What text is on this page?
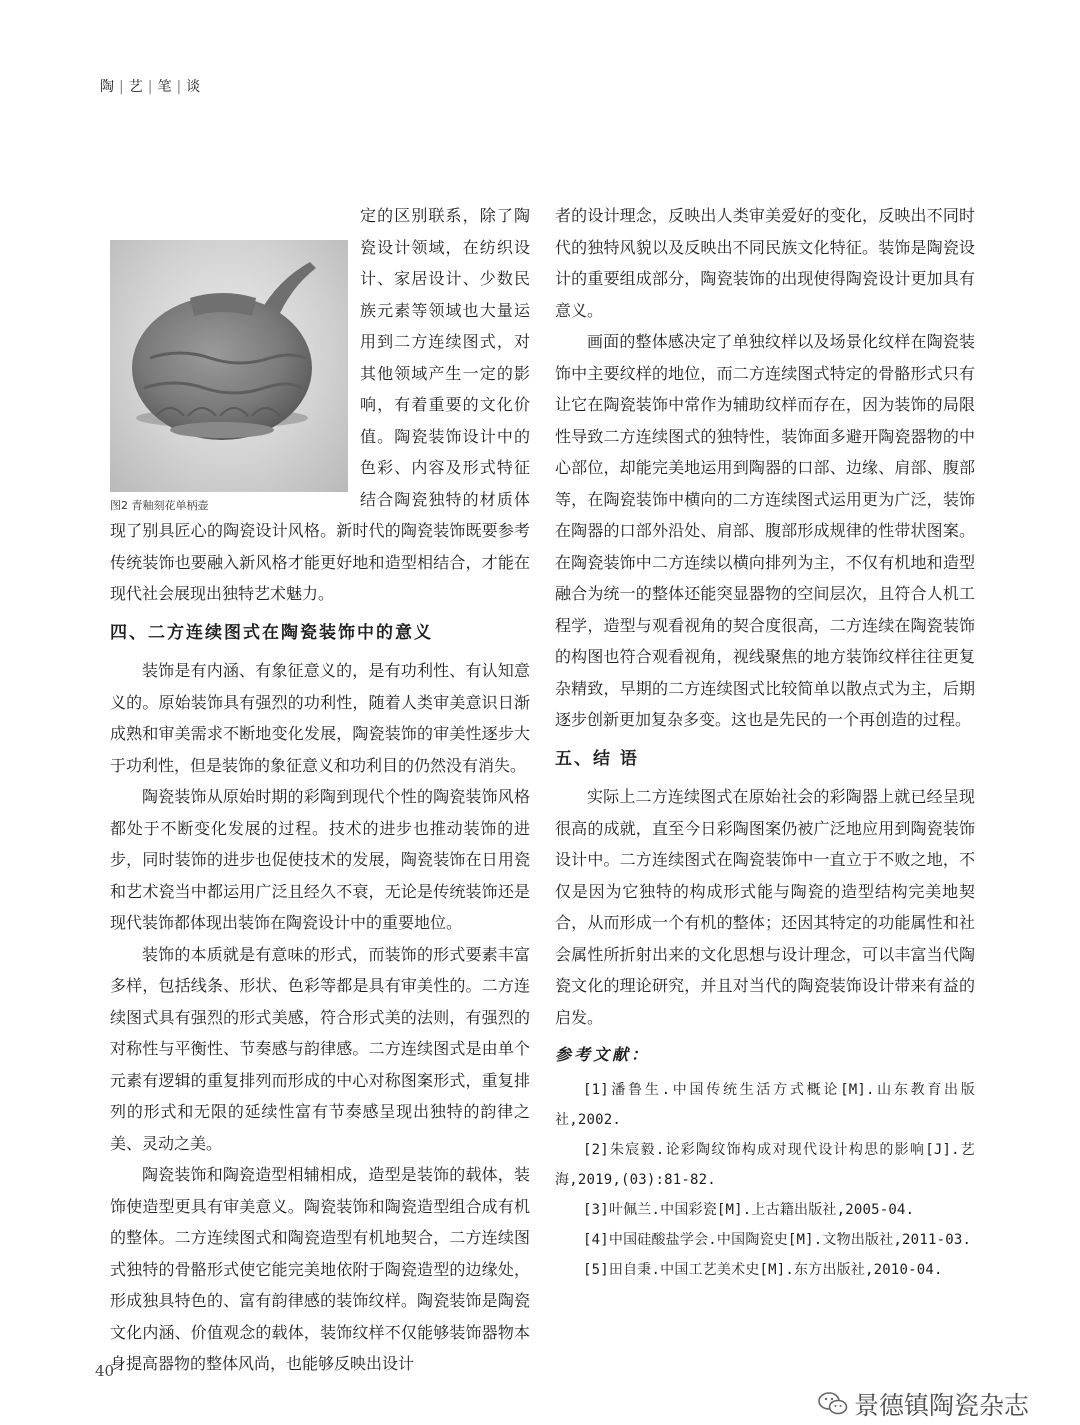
陶 | 艺 | 笔 | 谈
图2 青釉刻花单柄壶

定的区别联系，除了陶瓷设计领域，在纺织设计、家居设计、少数民族元素等领域也大量运用到二方连续图式，对其他领域产生一定的影响，有着重要的文化价值。陶瓷装饰设计中的色彩、内容及形式特征结合陶瓷独特的材质体现了别具匠心的陶瓷设计风格。新时代的陶瓷装饰既要参考传统装饰也要融入新风格才能更好地和造型相结合，才能在现代社会展现出独特艺术魅力。

四、二方连续图式在陶瓷装饰中的意义

装饰是有内涵、有象征意义的，是有功利性、有认知意义的。原始装饰具有强烈的功利性，随着人类审美意识日渐成熟和审美需求不断地变化发展，陶瓷装饰的审美性逐步大于功利性，但是装饰的象征意义和功利目的仍然没有消失。

陶瓷装饰从原始时期的彩陶到现代个性的陶瓷装饰风格都处于不断变化发展的过程。技术的进步也推动装饰的进步，同时装饰的进步也促使技术的发展，陶瓷装饰在日用瓷和艺术瓷当中都运用广泛且经久不衰，无论是传统装饰还是现代装饰都体现出装饰在陶瓷设计中的重要地位。

装饰的本质就是有意味的形式，而装饰的形式要素丰富多样，包括线条、形状、色彩等都是具有审美性的。二方连续图式具有强烈的形式美感，符合形式美的法则，有强烈的对称性与平衡性、节奏感与韵律感。二方连续图式是由单个元素有逻辑的重复排列而形成的中心对称图案形式，重复排列的形式和无限的延续性富有节奏感呈现出独特的韵律之美、灵动之美。

陶瓷装饰和陶瓷造型相辅相成，造型是装饰的载体，装饰使造型更具有审美意义。陶瓷装饰和陶瓷造型组合成有机的整体。二方连续图式和陶瓷造型有机地契合，二方连续图式独特的骨骼形式使它能完美地依附于陶瓷造型的边缘处，形成独具特色的、富有韵律感的装饰纹样。陶瓷装饰是陶瓷文化内涵、价值观念的载体，装饰纹样不仅能够装饰器物本身提高器物的整体风尚，也能够反映出设计

者的设计理念，反映出人类审美爱好的变化，反映出不同时代的独特风貌以及反映出不同民族文化特征。装饰是陶瓷设计的重要组成部分，陶瓷装饰的出现使得陶瓷设计更加具有意义。

画面的整体感决定了单独纹样以及场景化纹样在陶瓷装饰中主要纹样的地位，而二方连续图式特定的骨骼形式只有让它在陶瓷装饰中常作为辅助纹样而存在，因为装饰的局限性导致二方连续图式的独特性，装饰面多避开陶瓷器物的中心部位，却能完美地运用到陶器的口部、边缘、肩部、腹部等，在陶瓷装饰中横向的二方连续图式运用更为广泛，装饰在陶器的口部外沿处、肩部、腹部形成规律的性带状图案。在陶瓷装饰中二方连续以横向排列为主，不仅有机地和造型融合为统一的整体还能突显器物的空间层次，且符合人机工程学，造型与观看视角的契合度很高，二方连续在陶瓷装饰的构图也符合观看视角，视线聚焦的地方装饰纹样往往更复杂精致，早期的二方连续图式比较简单以散点式为主，后期逐步创新更加复杂多变。这也是先民的一个再创造的过程。

五、结 语

实际上二方连续图式在原始社会的彩陶器上就已经呈现很高的成就，直至今日彩陶图案仍被广泛地应用到陶瓷装饰设计中。二方连续图式在陶瓷装饰中一直立于不败之地，不仅是因为它独特的构成形式能与陶瓷的造型结构完美地契合，从而形成一个有机的整体；还因其特定的功能属性和社会属性所折射出来的文化思想与设计理念，可以丰富当代陶瓷文化的理论研究，并且对当代的陶瓷装饰设计带来有益的启发。

参考文献：

[1]潘鲁生.中国传统生活方式概论[M].山东教育出版社,2002.

[2]朱宸毅.论彩陶纹饰构成对现代设计构思的影响[J].艺海,2019,(03):81-82.

[3]叶佩兰.中国彩瓷[M].上古籍出版社,2005-04.

[4]中国硅酸盐学会.中国陶瓷史[M].文物出版社,2011-03.

[5]田自秉.中国工艺美术史[M].东方出版社,2010-04.

40
景德镇陶瓷杂志
